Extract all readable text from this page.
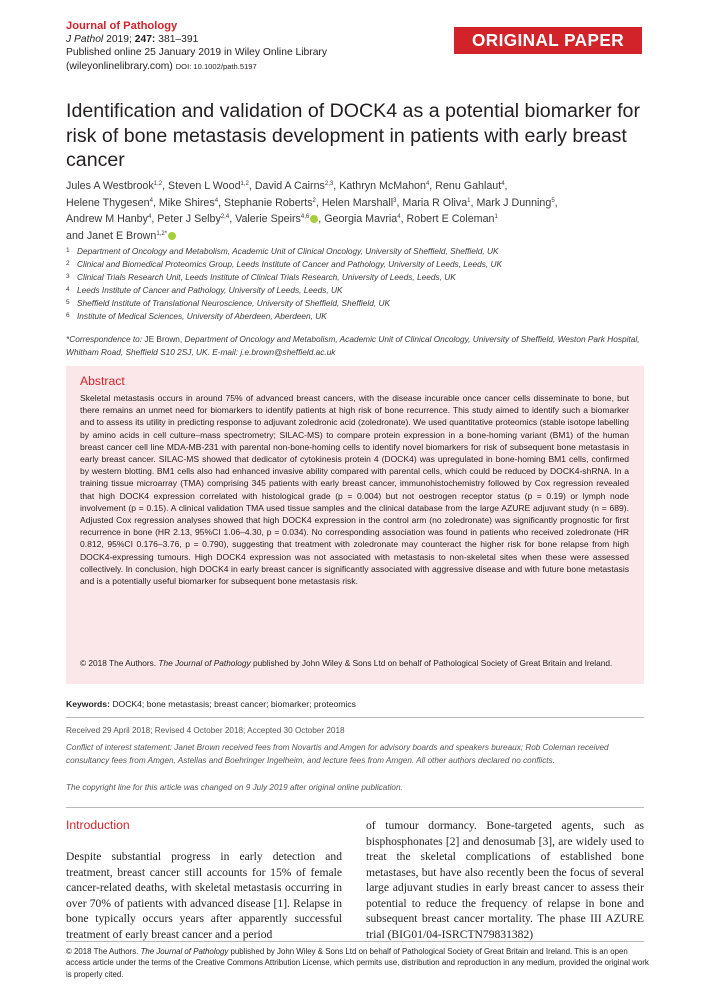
Journal of Pathology
J Pathol 2019; 247: 381–391
Published online 25 January 2019 in Wiley Online Library
(wileyonlinelibrary.com) DOI: 10.1002/path.5197
ORIGINAL PAPER
Identification and validation of DOCK4 as a potential biomarker for risk of bone metastasis development in patients with early breast cancer
Jules A Westbrook$^{1,2}$, Steven L Wood$^{1,2}$, David A Cairns$^{2,3}$, Kathryn McMahon$^4$, Renu Gahlaut$^4$,
Helene Thygesen$^4$, Mike Shires$^4$, Stephanie Roberts$^2$, Helen Marshall$^3$, Maria R Oliva$^1$, Mark J Dunning$^5$,
Andrew M Hanby$^4$, Peter J Selby$^{2,4}$, Valerie Speirs$^{4,6}$ , Georgia Mavria$^4$, Robert E Coleman$^1$
and Janet E Brown$^{1,2*}$
1 Department of Oncology and Metabolism, Academic Unit of Clinical Oncology, University of Sheffield, Sheffield, UK
2 Clinical and Biomedical Proteomics Group, Leeds Institute of Cancer and Pathology, University of Leeds, Leeds, UK
3 Clinical Trials Research Unit, Leeds Institute of Clinical Trials Research, University of Leeds, Leeds, UK
4 Leeds Institute of Cancer and Pathology, University of Leeds, Leeds, UK
5 Sheffield Institute of Translational Neuroscience, University of Sheffield, Sheffield, UK
6 Institute of Medical Sciences, University of Aberdeen, Aberdeen, UK
*Correspondence to: JE Brown, Department of Oncology and Metabolism, Academic Unit of Clinical Oncology, University of Sheffield, Weston Park Hospital, Whitham Road, Sheffield S10 2SJ, UK. E-mail: j.e.brown@sheffield.ac.uk
Abstract
Skeletal metastasis occurs in around 75% of advanced breast cancers, with the disease incurable once cancer cells disseminate to bone, but there remains an unmet need for biomarkers to identify patients at high risk of bone recurrence. This study aimed to identify such a biomarker and to assess its utility in predicting response to adjuvant zoledronic acid (zoledronate). We used quantitative proteomics (stable isotope labelling by amino acids in cell culture–mass spectrometry; SILAC-MS) to compare protein expression in a bone-homing variant (BM1) of the human breast cancer cell line MDA-MB-231 with parental non-bone-homing cells to identify novel biomarkers for risk of subsequent bone metastasis in early breast cancer. SILAC-MS showed that dedicator of cytokinesis protein 4 (DOCK4) was upregulated in bone-homing BM1 cells, confirmed by western blotting. BM1 cells also had enhanced invasive ability compared with parental cells, which could be reduced by DOCK4-shRNA. In a training tissue microarray (TMA) comprising 345 patients with early breast cancer, immunohistochemistry followed by Cox regression revealed that high DOCK4 expression correlated with histological grade (p = 0.004) but not oestrogen receptor status (p = 0.19) or lymph node involvement (p = 0.15). A clinical validation TMA used tissue samples and the clinical database from the large AZURE adjuvant study (n = 689). Adjusted Cox regression analyses showed that high DOCK4 expression in the control arm (no zoledronate) was significantly prognostic for first recurrence in bone (HR 2.13, 95%CI 1.06–4.30, p = 0.034). No corresponding association was found in patients who received zoledronate (HR 0.812, 95%CI 0.176–3.76, p = 0.790), suggesting that treatment with zoledronate may counteract the higher risk for bone relapse from high DOCK4-expressing tumours. High DOCK4 expression was not associated with metastasis to non-skeletal sites when these were assessed collectively. In conclusion, high DOCK4 in early breast cancer is significantly associated with aggressive disease and with future bone metastasis and is a potentially useful biomarker for subsequent bone metastasis risk.
© 2018 The Authors. The Journal of Pathology published by John Wiley & Sons Ltd on behalf of Pathological Society of Great Britain and Ireland.
Keywords: DOCK4; bone metastasis; breast cancer; biomarker; proteomics
Received 29 April 2018; Revised 4 October 2018; Accepted 30 October 2018
Conflict of interest statement: Janet Brown received fees from Novartis and Amgen for advisory boards and speakers bureaux; Rob Coleman received consultancy fees from Amgen, Astellas and Boehringer Ingelheim, and lecture fees from Amgen. All other authors declared no conflicts.
The copyright line for this article was changed on 9 July 2019 after original online publication.
Introduction
Despite substantial progress in early detection and treatment, breast cancer still accounts for 15% of female cancer-related deaths, with skeletal metastasis occurring in over 70% of patients with advanced disease [1]. Relapse in bone typically occurs years after apparently successful treatment of early breast cancer and a period
of tumour dormancy. Bone-targeted agents, such as bisphosphonates [2] and denosumab [3], are widely used to treat the skeletal complications of established bone metastases, but have also recently been the focus of several large adjuvant studies in early breast cancer to assess their potential to reduce the frequency of relapse in bone and subsequent breast cancer mortality. The phase III AZURE trial (BIG01/04-ISRCTN79831382)
© 2018 The Authors. The Journal of Pathology published by John Wiley & Sons Ltd on behalf of Pathological Society of Great Britain and Ireland. This is an open access article under the terms of the Creative Commons Attribution License, which permits use, distribution and reproduction in any medium, provided the original work is properly cited.
